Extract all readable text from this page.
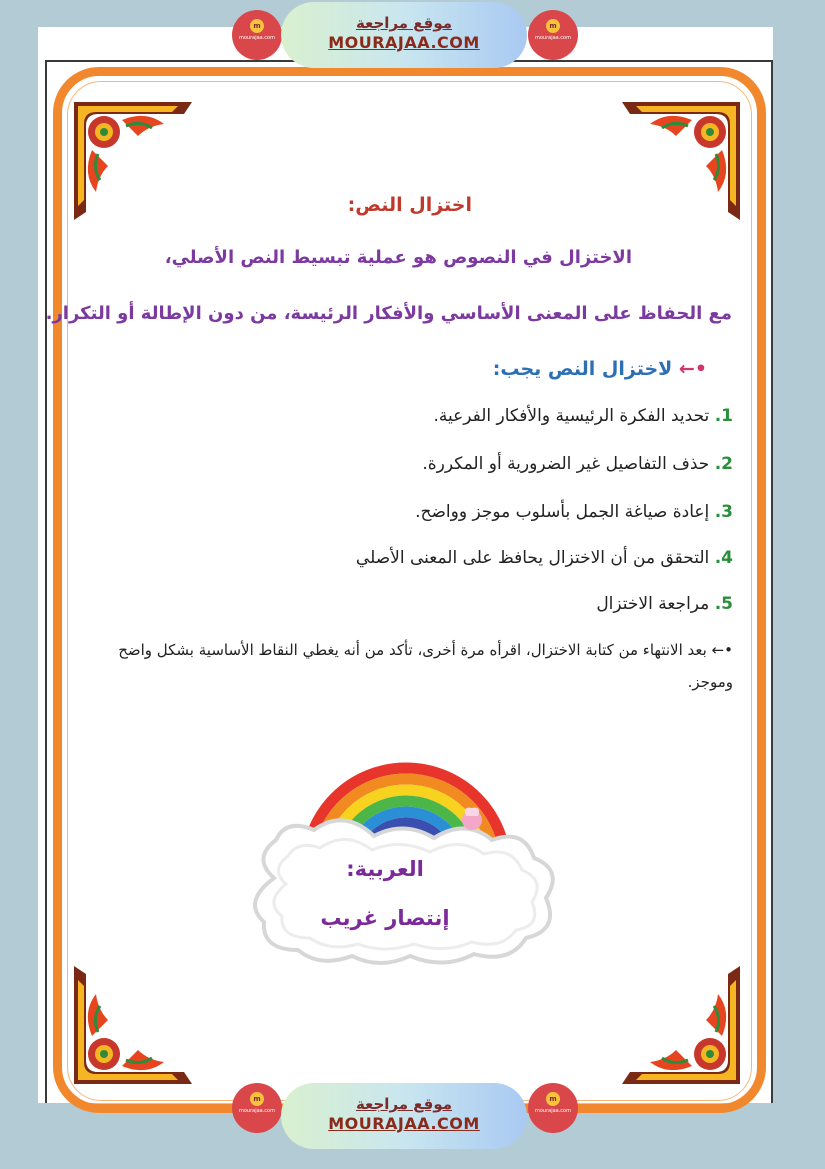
m
mourajaa.com
موقع مراجعة
MOURAJAA.COM
m
mourajaa.com
اختزال النص:
الاختزال في النصوص هو عملية تبسيط النص الأصلي،
مع الحفاظ على المعنى الأساسي والأفكار الرئيسة، من دون الإطالة أو التكرار.
•← لاختزال النص يجب:
1. تحديد الفكرة الرئيسية والأفكار الفرعية.
2. حذف التفاصيل غير الضرورية أو المكررة.
3. إعادة صياغة الجمل بأسلوب موجز وواضح.
4. التحقق من أن الاختزال يحافظ على المعنى الأصلي
5. مراجعة الاختزال
•← بعد الانتهاء من كتابة الاختزال، اقرأه مرة أخرى، تأكد من أنه يغطي النقاط الأساسية بشكل واضح وموجز.
العربية:
إنتصار غريب
m
mourajaa.com	موقع مراجعة
MOURAJAA.COM
m
mourajaa.com
